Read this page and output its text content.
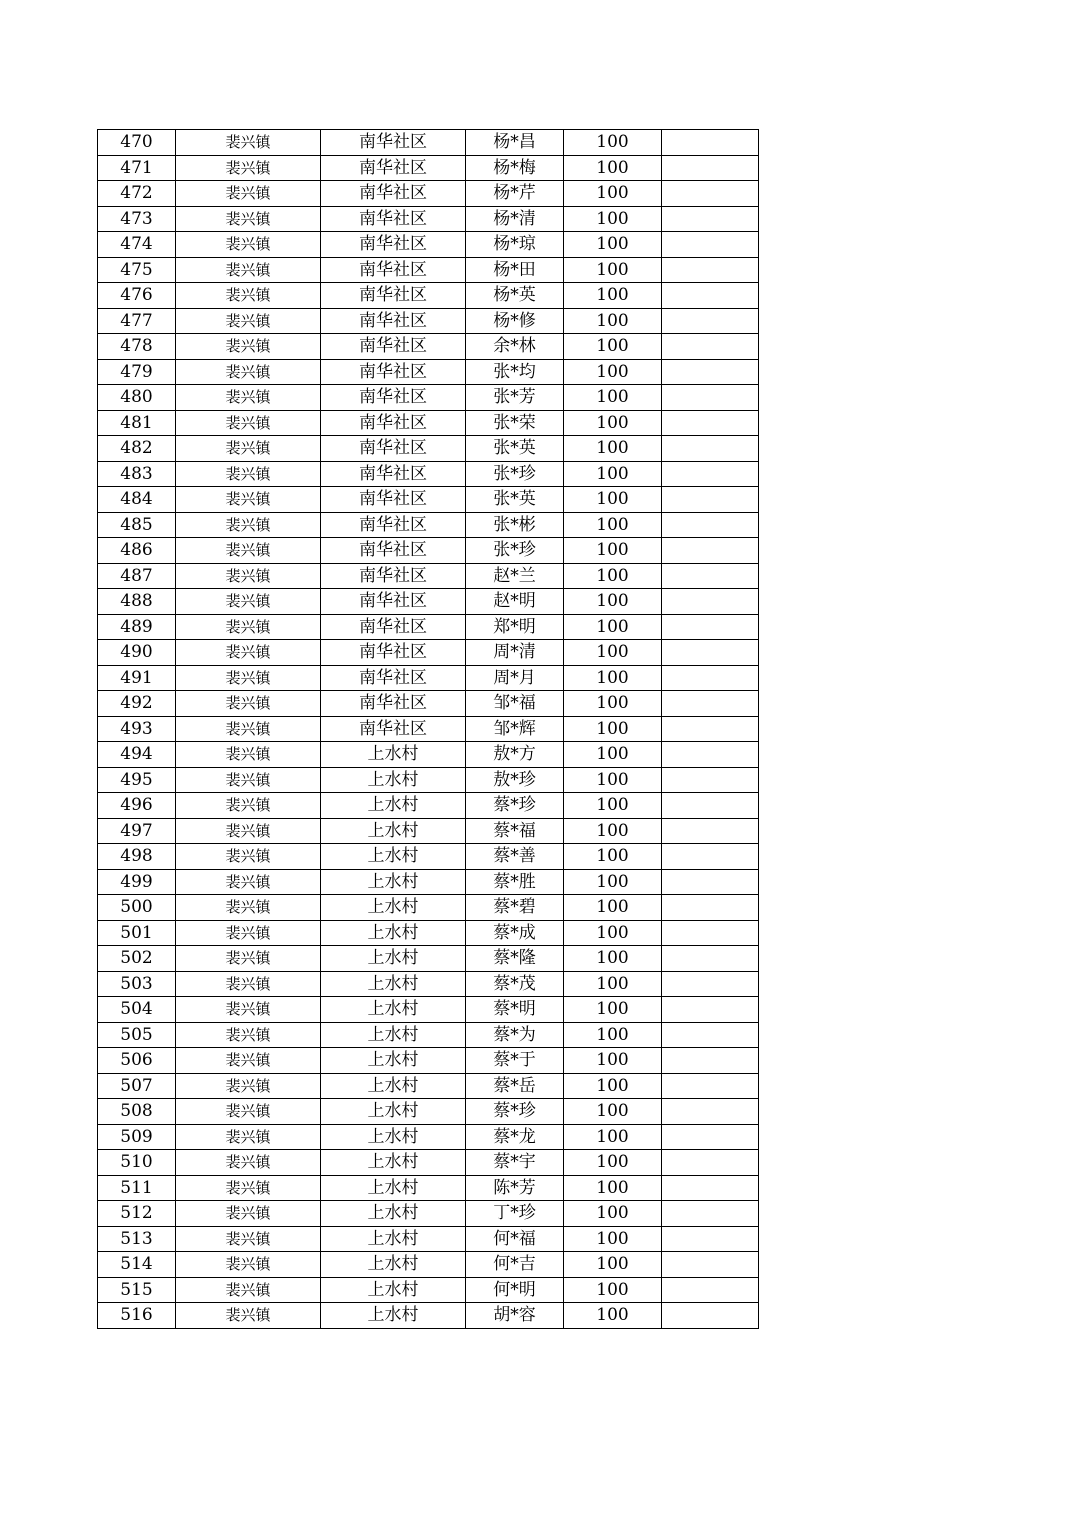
470	裴兴镇	南华社区	杨*昌	100	
471	裴兴镇	南华社区	杨*梅	100	
472	裴兴镇	南华社区	杨*芹	100	
473	裴兴镇	南华社区	杨*清	100	
474	裴兴镇	南华社区	杨*琼	100	
475	裴兴镇	南华社区	杨*田	100	
476	裴兴镇	南华社区	杨*英	100	
477	裴兴镇	南华社区	杨*修	100	
478	裴兴镇	南华社区	余*林	100	
479	裴兴镇	南华社区	张*均	100	
480	裴兴镇	南华社区	张*芳	100	
481	裴兴镇	南华社区	张*荣	100	
482	裴兴镇	南华社区	张*英	100	
483	裴兴镇	南华社区	张*珍	100	
484	裴兴镇	南华社区	张*英	100	
485	裴兴镇	南华社区	张*彬	100	
486	裴兴镇	南华社区	张*珍	100	
487	裴兴镇	南华社区	赵*兰	100	
488	裴兴镇	南华社区	赵*明	100	
489	裴兴镇	南华社区	郑*明	100	
490	裴兴镇	南华社区	周*清	100	
491	裴兴镇	南华社区	周*月	100	
492	裴兴镇	南华社区	邹*福	100	
493	裴兴镇	南华社区	邹*辉	100	
494	裴兴镇	上水村	敖*方	100	
495	裴兴镇	上水村	敖*珍	100	
496	裴兴镇	上水村	蔡*珍	100	
497	裴兴镇	上水村	蔡*福	100	
498	裴兴镇	上水村	蔡*善	100	
499	裴兴镇	上水村	蔡*胜	100	
500	裴兴镇	上水村	蔡*碧	100	
501	裴兴镇	上水村	蔡*成	100	
502	裴兴镇	上水村	蔡*隆	100	
503	裴兴镇	上水村	蔡*茂	100	
504	裴兴镇	上水村	蔡*明	100	
505	裴兴镇	上水村	蔡*为	100	
506	裴兴镇	上水村	蔡*于	100	
507	裴兴镇	上水村	蔡*岳	100	
508	裴兴镇	上水村	蔡*珍	100	
509	裴兴镇	上水村	蔡*龙	100	
510	裴兴镇	上水村	蔡*宇	100	
511	裴兴镇	上水村	陈*芳	100	
512	裴兴镇	上水村	丁*珍	100	
513	裴兴镇	上水村	何*福	100	
514	裴兴镇	上水村	何*吉	100	
515	裴兴镇	上水村	何*明	100	
516	裴兴镇	上水村	胡*容	100	
